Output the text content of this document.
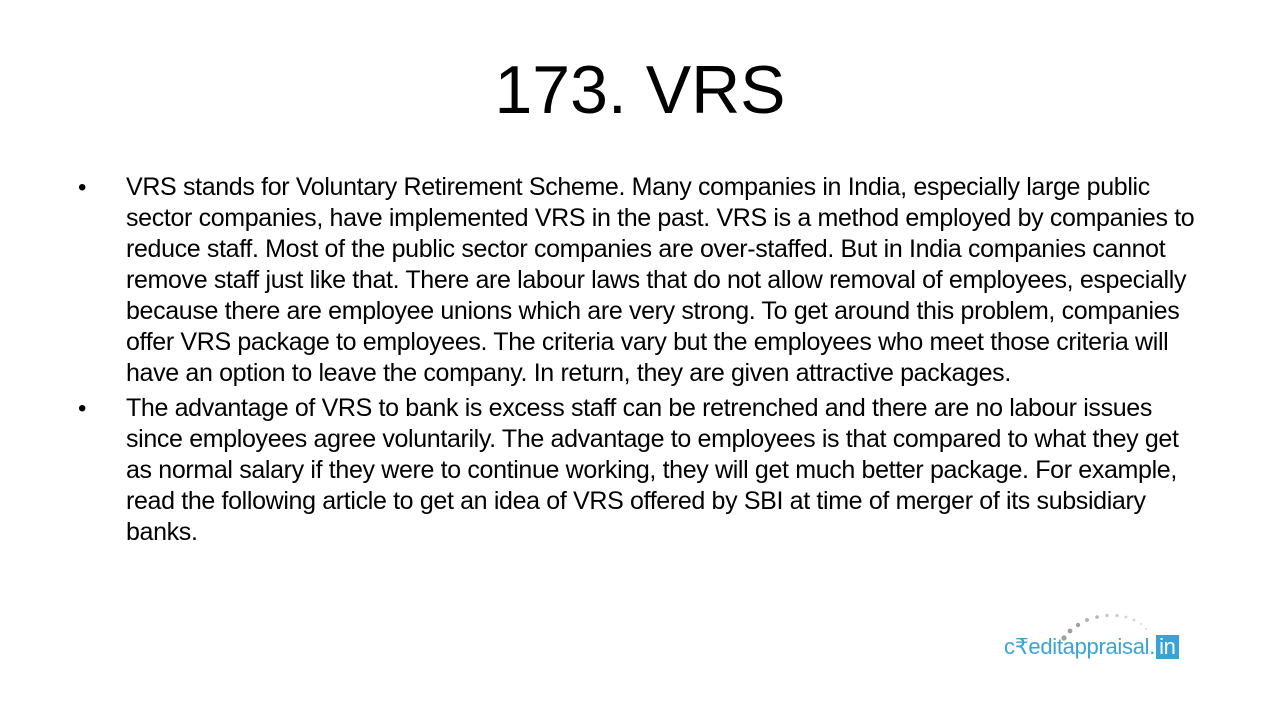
173. VRS
•	VRS stands for Voluntary Retirement Scheme. Many companies in India, especially large public sector companies, have implemented VRS in the past. VRS is a method employed by companies to reduce staff. Most of the public sector companies are over-staffed. But in India companies cannot remove staff just like that. There are labour laws that do not allow removal of employees, especially because there are employee unions which are very strong. To get around this problem, companies offer VRS package to employees. The criteria vary but the employees who meet those criteria will have an option to leave the company. In return, they are given attractive packages.
•	The advantage of VRS to bank is excess staff can be retrenched and there are no labour issues since employees agree voluntarily. The advantage to employees is that compared to what they get as normal salary if they were to continue working, they will get much better package. For example, read the following article to get an idea of VRS offered by SBI at time of merger of its subsidiary banks.
c₹editappraisal. in
